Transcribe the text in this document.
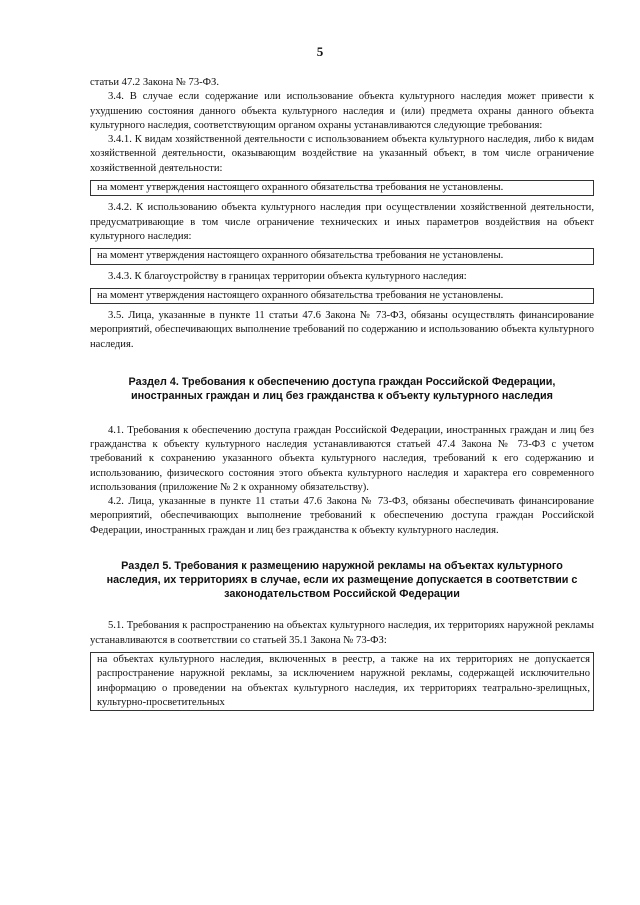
5

статьи 47.2 Закона № 73-ФЗ.

3.4. В случае если содержание или использование объекта культурного наследия может привести к ухудшению состояния данного объекта культурного наследия и (или) предмета охраны данного объекта культурного наследия, соответствующим органом охраны устанавливаются следующие требования:

3.4.1. К видам хозяйственной деятельности с использованием объекта культурного наследия, либо к видам хозяйственной деятельности, оказывающим воздействие на указанный объект, в том числе ограничение хозяйственной деятельности:

на момент утверждения настоящего охранного обязательства требования не установлены.

3.4.2. К использованию объекта культурного наследия при осуществлении хозяйственной деятельности, предусматривающие в том числе ограничение технических и иных параметров воздействия на объект культурного наследия:

на момент утверждения настоящего охранного обязательства требования не установлены.

3.4.3. К благоустройству в границах территории объекта культурного наследия:

на момент утверждения настоящего охранного обязательства требования не установлены.

3.5. Лица, указанные в пункте 11 статьи 47.6 Закона № 73-ФЗ, обязаны осуществлять финансирование мероприятий, обеспечивающих выполнение требований по содержанию и использованию объекта культурного наследия.

Раздел 4. Требования к обеспечению доступа граждан Российской Федерации, иностранных граждан и лиц без гражданства к объекту культурного наследия

4.1. Требования к обеспечению доступа граждан Российской Федерации, иностранных граждан и лиц без гражданства к объекту культурного наследия устанавливаются статьей 47.4 Закона № 73-ФЗ с учетом требований к сохранению указанного объекта культурного наследия, требований к его содержанию и использованию, физического состояния этого объекта культурного наследия и характера его современного использования (приложение № 2 к охранному обязательству).

4.2. Лица, указанные в пункте 11 статьи 47.6 Закона № 73-ФЗ, обязаны обеспечивать финансирование мероприятий, обеспечивающих выполнение требований к обеспечению доступа граждан Российской Федерации, иностранных граждан и лиц без гражданства к объекту культурного наследия.

Раздел 5. Требования к размещению наружной рекламы на объектах культурного наследия, их территориях в случае, если их размещение допускается в соответствии с законодательством Российской Федерации

5.1. Требования к распространению на объектах культурного наследия, их территориях наружной рекламы устанавливаются в соответствии со статьей 35.1 Закона № 73-ФЗ:

на объектах культурного наследия, включенных в реестр, а также на их территориях не допускается распространение наружной рекламы, за исключением наружной рекламы, содержащей исключительно информацию о проведении на объектах культурного наследия, их территориях театрально-зрелищных, культурно-просветительных
